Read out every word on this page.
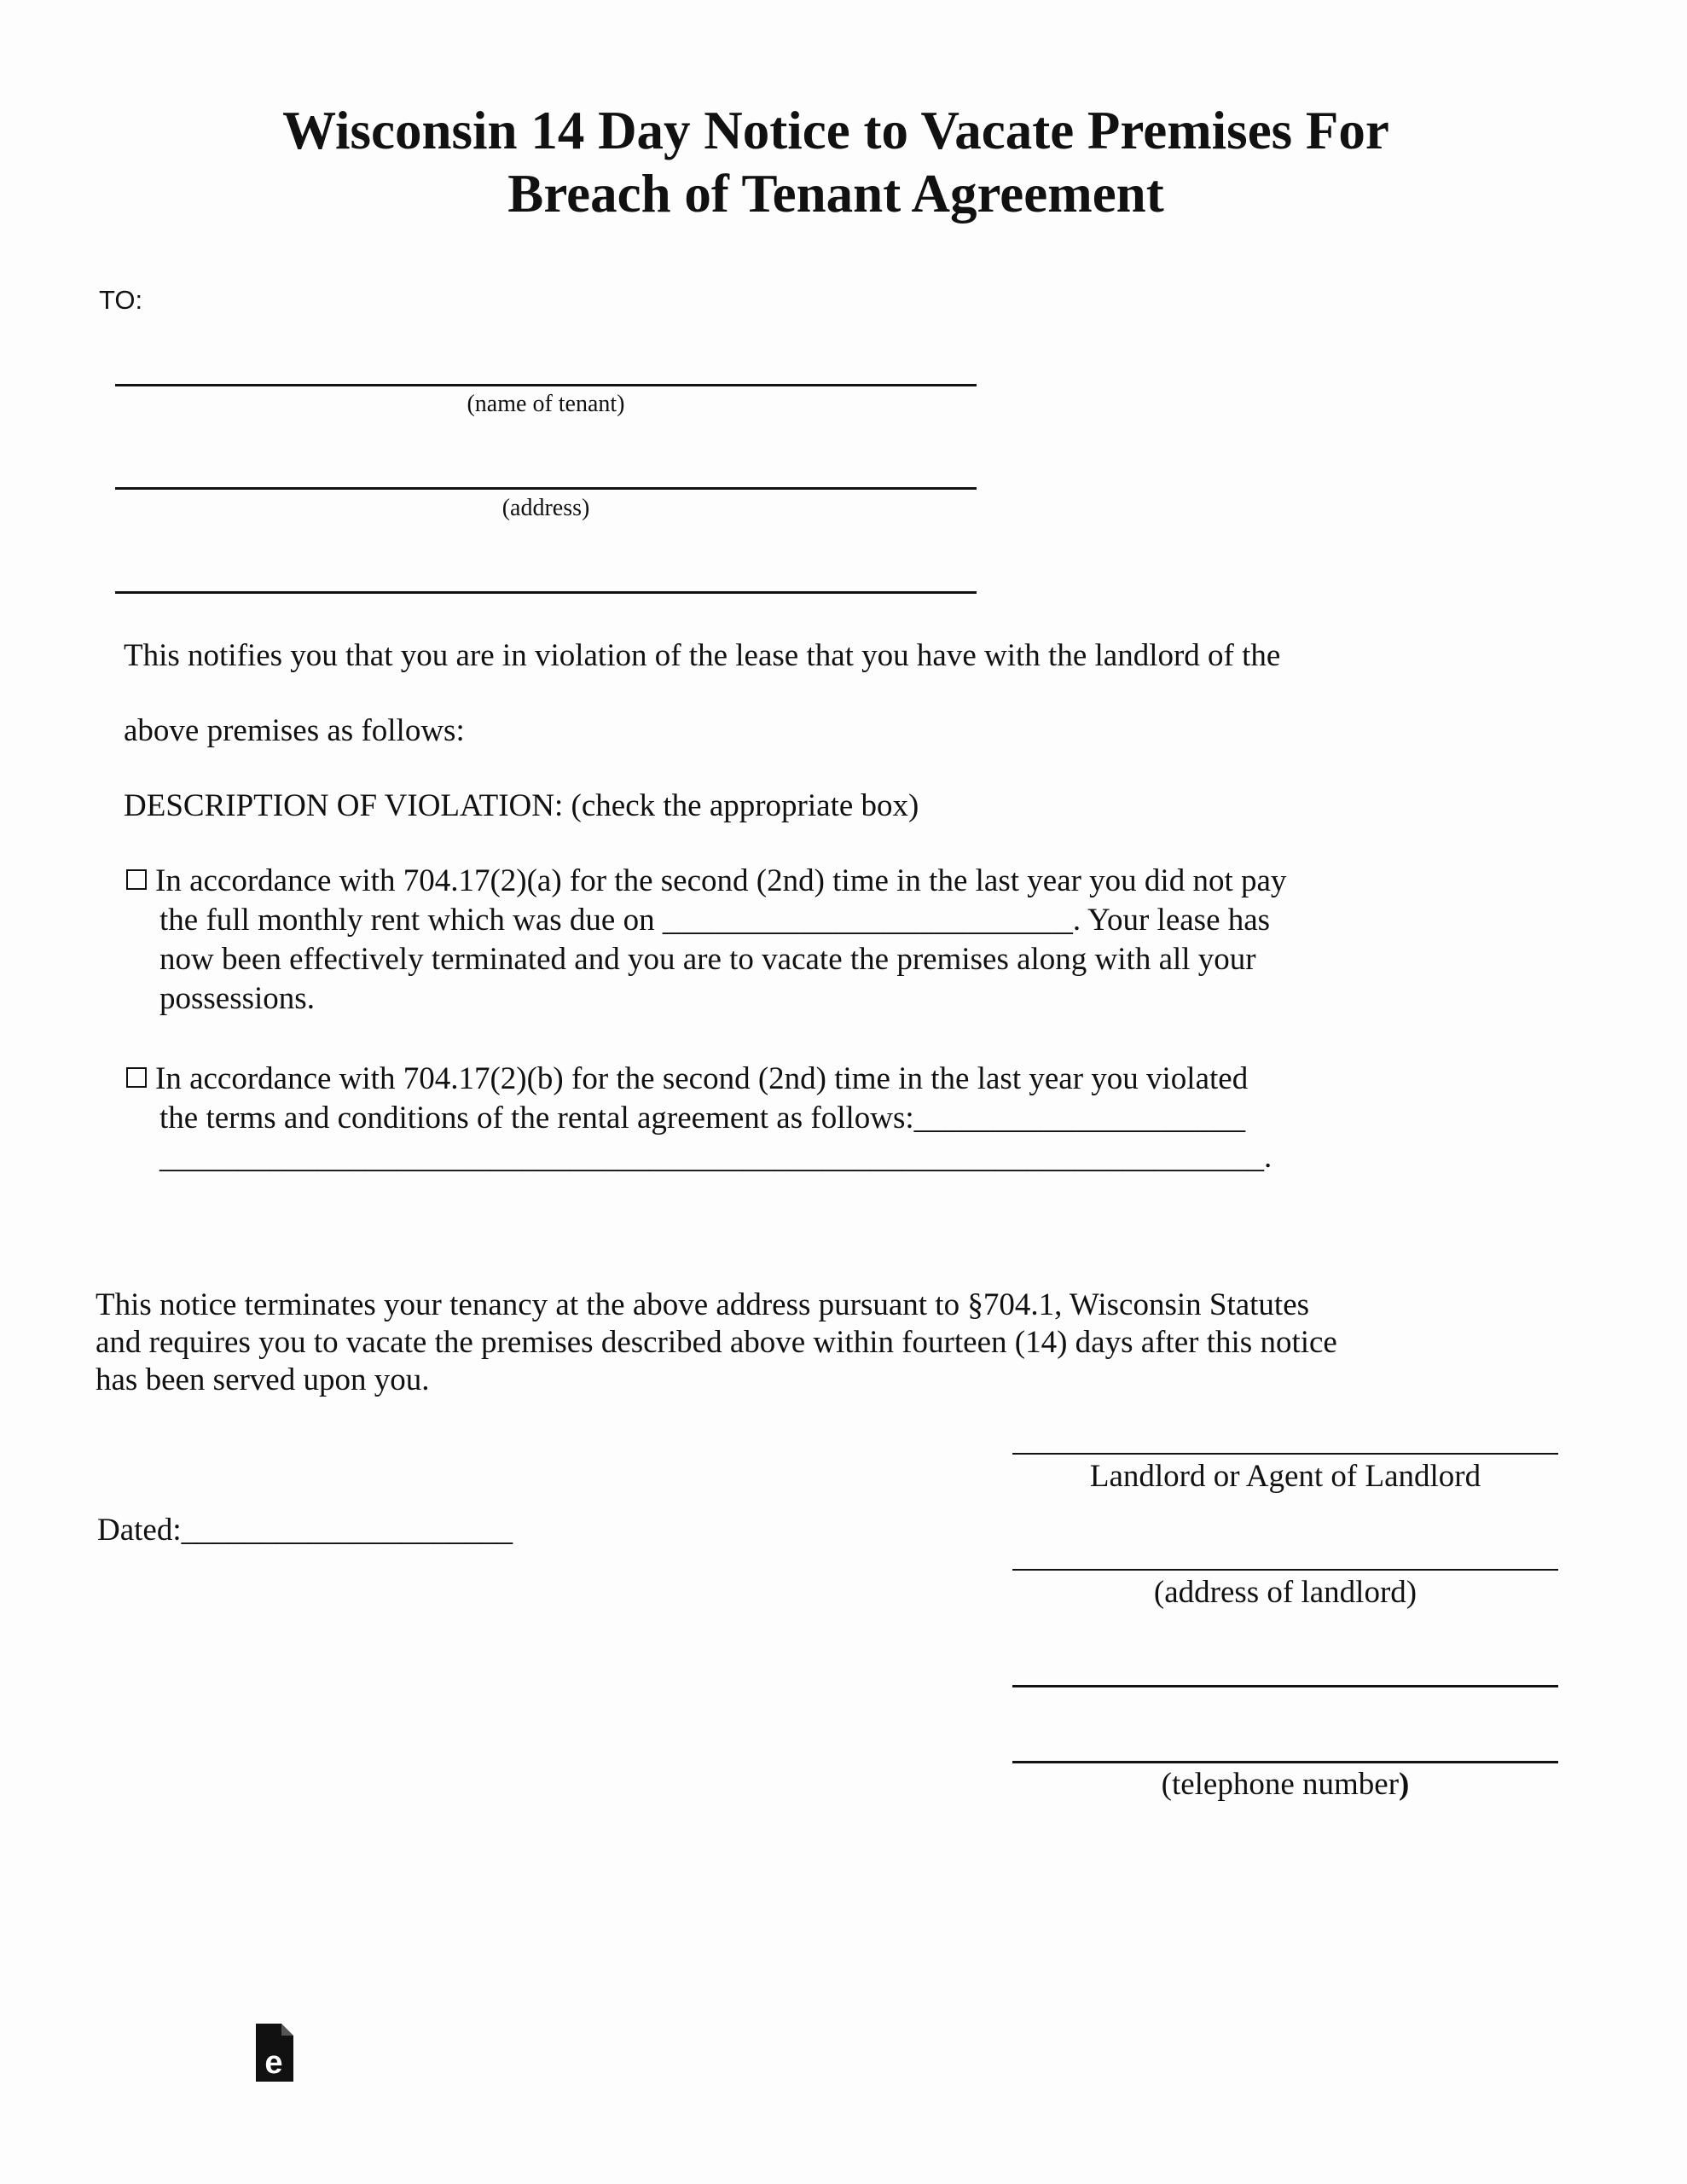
Wisconsin 14 Day Notice to Vacate Premises For
Breach of Tenant Agreement
TO:
(name of tenant)
(address)
This notifies you that you are in violation of the lease that you have with the landlord of the
above premises as follows:
DESCRIPTION OF VIOLATION: (check the appropriate box)
In accordance with 704.17(2)(a) for the second (2nd) time in the last year you did not pay
the full monthly rent which was due on __________________________. Your lease has
now been effectively terminated and you are to vacate the premises along with all your
possessions.
In accordance with 704.17(2)(b) for the second (2nd) time in the last year you violated
the terms and conditions of the rental agreement as follows:_____________________
______________________________________________________________________.
This notice terminates your tenancy at the above address pursuant to §704.1, Wisconsin Statutes
and requires you to vacate the premises described above within fourteen (14) days after this notice
has been served upon you.
Landlord or Agent of Landlord
Dated:_____________________
(address of landlord)
(telephone number)
e
